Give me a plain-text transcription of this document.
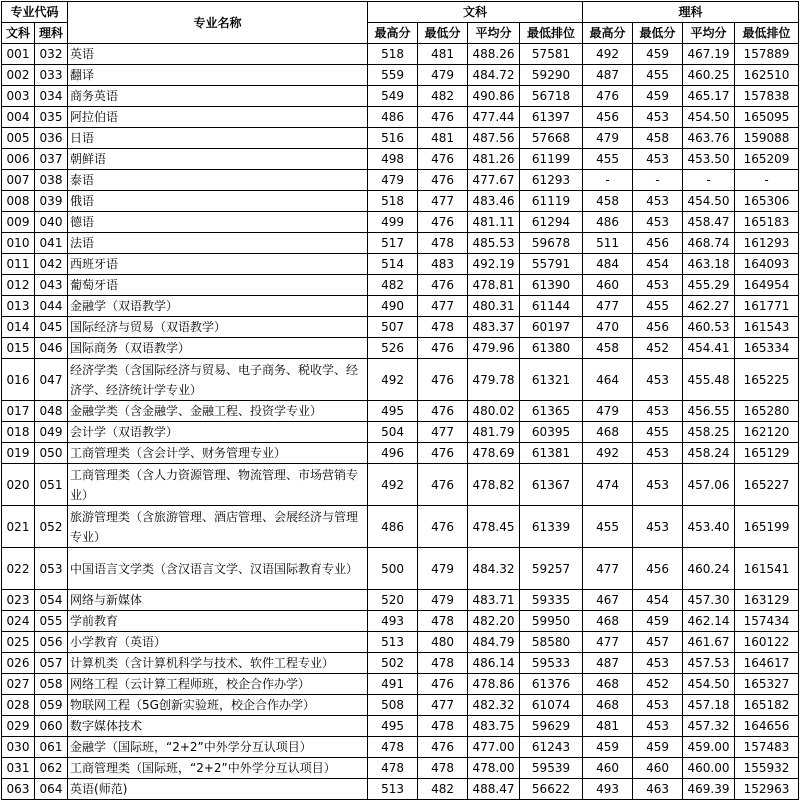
专业代码		专业名称	文科				理科			
文科	理科		最高分	最低分	平均分	最低排位	最高分	最低分	平均分	最低排位
001	032	英语	518	481	488.26	57581	492	459	467.19	157889
002	033	翻译	559	479	484.72	59290	487	455	460.25	162510
003	034	商务英语	549	482	490.86	56718	476	459	465.17	157838
004	035	阿拉伯语	486	476	477.44	61397	456	453	454.50	165095
005	036	日语	516	481	487.56	57668	479	458	463.76	159088
006	037	朝鲜语	498	476	481.26	61199	455	453	453.50	165209
007	038	泰语	479	476	477.67	61293	-	-	-	-
008	039	俄语	518	477	483.46	61119	458	453	454.50	165306
009	040	德语	499	476	481.11	61294	486	453	458.47	165183
010	041	法语	517	478	485.53	59678	511	456	468.74	161293
011	042	西班牙语	514	483	492.19	55791	484	454	463.18	164093
012	043	葡萄牙语	482	476	478.81	61390	460	453	455.29	164954
013	044	金融学（双语教学）	490	477	480.31	61144	477	455	462.27	161771
014	045	国际经济与贸易（双语教学）	507	478	483.37	60197	470	456	460.53	161543
015	046	国际商务（双语教学）	526	476	479.96	61380	458	452	454.41	165334
016	047	经济学类（含国际经济与贸易、电子商务、税收学、经济学、经济统计学专业）	492	476	479.78	61321	464	453	455.48	165225
017	048	金融学类（含金融学、金融工程、投资学专业）	495	476	480.02	61365	479	453	456.55	165280
018	049	会计学（双语教学）	504	477	481.79	60395	468	455	458.25	162120
019	050	工商管理类（含会计学、财务管理专业）	496	476	478.69	61381	492	453	458.24	165129
020	051	工商管理类（含人力资源管理、物流管理、市场营销专业）	492	476	478.82	61367	474	453	457.06	165227
021	052	旅游管理类（含旅游管理、酒店管理、会展经济与管理专业）	486	476	478.45	61339	455	453	453.40	165199
022	053	中国语言文学类（含汉语言文学、汉语国际教育专业）	500	479	484.32	59257	477	456	460.24	161541
023	054	网络与新媒体	520	479	483.71	59335	467	454	457.30	163129
024	055	学前教育	493	478	482.20	59950	468	459	462.14	157434
025	056	小学教育（英语）	513	480	484.79	58580	477	457	461.67	160122
026	057	计算机类（含计算机科学与技术、软件工程专业）	502	478	486.14	59533	487	453	457.53	164617
027	058	网络工程（云计算工程师班，校企合作办学）	491	476	478.86	61376	468	452	454.50	165327
028	059	物联网工程（5G创新实验班，校企合作办学）	508	477	482.32	61074	468	453	457.18	165182
029	060	数字媒体技术	495	478	483.75	59629	481	453	457.32	164656
030	061	金融学（国际班，“2+2”中外学分互认项目）	478	476	477.00	61243	459	459	459.00	157483
031	062	工商管理类（国际班，“2+2”中外学分互认项目）	478	478	478.00	59539	460	460	460.00	155932
063	064	英语(师范)	513	482	488.47	56622	493	463	469.39	152963
